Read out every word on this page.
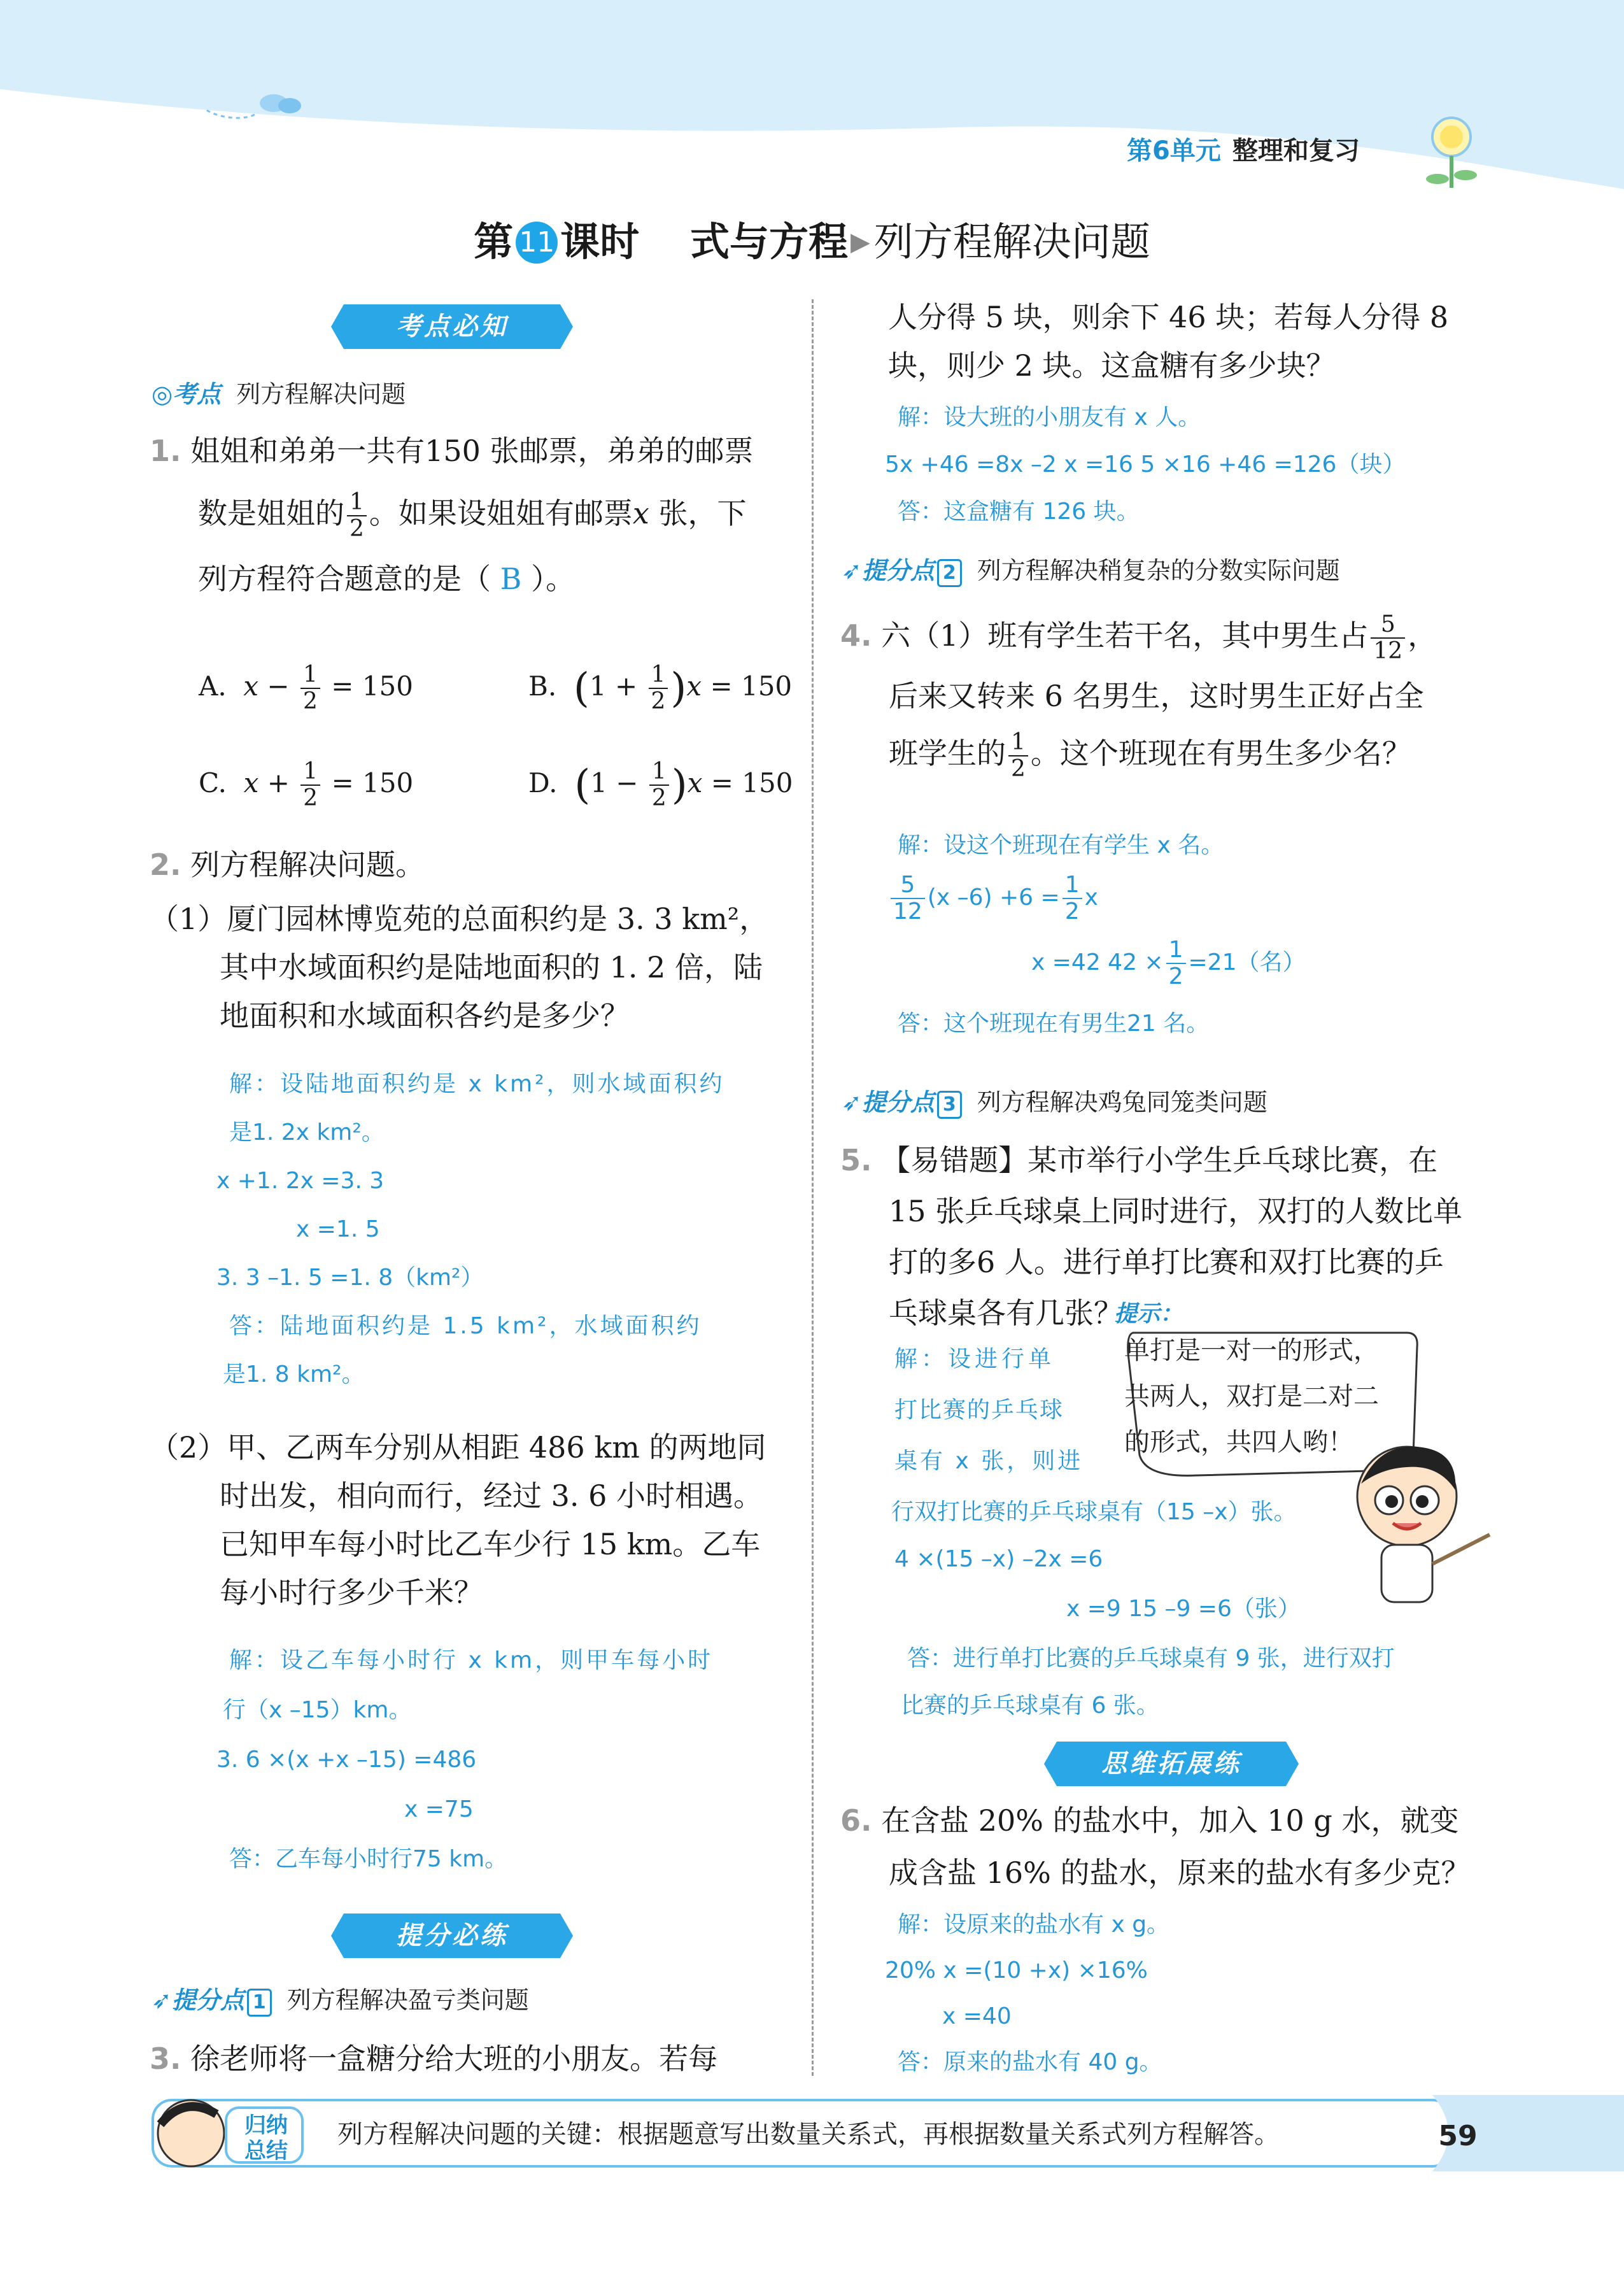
第6单元 整理和复习
第 11 课时 式与方程 ▶列方程解决问题
考点必知
◎考点 列方程解决问题
1. 姐姐和弟弟一共有150 张邮票，弟弟的邮票
数是姐姐的 $\frac{1}{2}$ 。如果设姐姐有邮票x 张，下
列方程符合题意的是（ B ）。
A. $x - \frac{1}{2} = 150$	B. $(1 + \frac{1}{2} )x = 150$
C. $x + \frac{1}{2} = 150$	D. $(1 - \frac{1}{2} )x = 150$
2. 列方程解决问题。
（1）厦门园林博览苑的总面积约是 3. 3 km²，
其中水域面积约是陆地面积的 1. 2 倍，陆
地面积和水域面积各约是多少？
解：设陆地面积约是 x km²，则水域面积约
是1. 2x km²。
x +1. 2x =3. 3
x =1. 5
3. 3 –1. 5 =1. 8（km²）
答：陆地面积约是 1.5 km²，水域面积约
是1. 8 km²。
（2）甲、乙两车分别从相距 486 km 的两地同
时出发，相向而行，经过 3. 6 小时相遇。
已知甲车每小时比乙车少行 15 km。乙车
每小时行多少千米？
解：设乙车每小时行 x km，则甲车每小时
行（x –15）km。
3. 6 ×(x +x –15) =486
x =75
答：乙车每小时行75 km。
提分必练
➶提分点 1 列方程解决盈亏类问题
3. 徐老师将一盒糖分给大班的小朋友。若每
人分得 5 块，则余下 46 块；若每人分得 8
块，则少 2 块。这盒糖有多少块？
解：设大班的小朋友有 x 人。
5x +46 =8x –2 x =16 5 ×16 +46 =126（块）
答：这盒糖有 126 块。
➶提分点 2 列方程解决稍复杂的分数实际问题
4. 六（1）班有学生若干名，其中男生占 $\frac{5}{12}$ ，
后来又转来 6 名男生，这时男生正好占全
班学生的 $\frac{1}{2}$ 。这个班现在有男生多少名？
解：设这个班现在有学生 x 名。
$\frac{5}{12} (x$ $-6) +6 = \frac{1}{2}$ x
x =42 $42 \times \frac{1}{2} =21$（名）
答：这个班现在有男生21 名。
➶提分点 3 列方程解决鸡兔同笼类问题
5. 【易错题】某市举行小学生乒乓球比赛，在
15 张乒乓球桌上同时进行，双打的人数比单
打的多6 人。进行单打比赛和双打比赛的乒
乓球桌各有几张？
提示：
单打是一对一的形式，
共两人，双打是二对二
的形式，共四人哟！
解：设进行单
打比赛的乒乓球
桌有 x 张，则进
行双打比赛的乒乓球桌有（15 –x）张。
4 ×(15 –x) –2x =6
x =9 15 –9 =6（张）
答：进行单打比赛的乒乓球桌有 9 张，进行双打
比赛的乒乓球桌有 6 张。
思维拓展练
6. 在含盐 20% 的盐水中，加入 10 g 水，就变
成含盐 16% 的盐水，原来的盐水有多少克？
解：设原来的盐水有 x g。
20% x =(10 +x) ×16%
x =40
答：原来的盐水有 40 g。
归纳
总结
列方程解决问题的关键：根据题意写出数量关系式，再根据数量关系式列方程解答。	59
